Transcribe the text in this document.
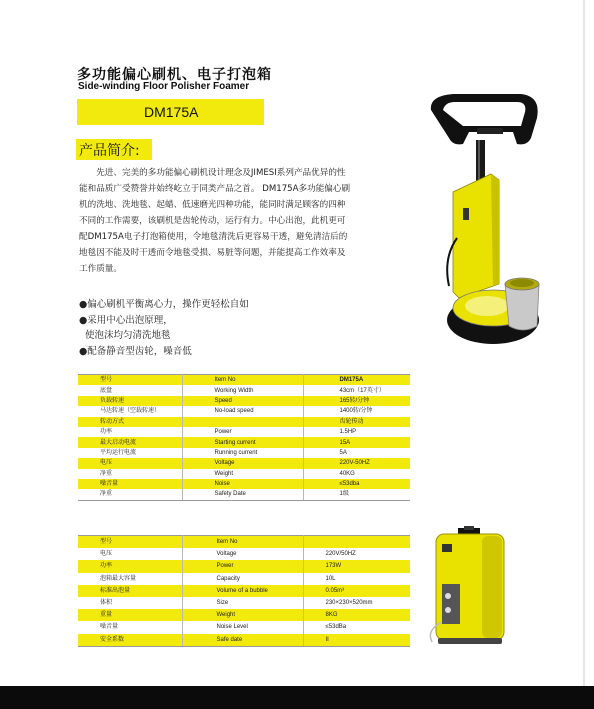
多功能偏心刷机、电子打泡箱
Side-winding Floor Polisher Foamer
DM175A
产品简介:
先进、完美的多功能偏心刷机设计理念及JIMESI系列产品优异的性能和品质广受赞誉并始终屹立于同类产品之首。 DM175A多功能偏心刷机的洗地、洗地毯、起蜡、低速磨光四种功能，能同时满足顾客的四种不同的工作需要，该刷机是齿轮传动，运行有力。中心出泡，此机更可配DM175A电子打泡箱使用，令地毯清洗后更容易干透，避免清洁后的地毯因不能及时干透而令地毯受损、易脏等问题，并能提高工作效率及工作质量。
●偏心刷机平衡离心力，操作更轻松自如
●采用中心出泡原理，
使泡沫均匀清洗地毯
●配备静音型齿轮，噪音低
型号	Item No	DM175A
底盘	Working Width	43cm（17英寸）
负载转速	Speed	165转/分钟
马达转速（空载转速）	No-load speed	1400转/分钟
转动方式		齿轮传动
功率	Power	1.5HP
最大启动电流	Starting current	15A
平均运行电流	Running current	5A
电压	Voltage	220V-50HZ
净重	Weight	40KG
噪音量	Noise	≤53dba
净重	Safety Date	1级
型号	Item No	
电压	Voltage	220V/50HZ
功率	Power	173W
泡箱最大容量	Capacity	10L
标准出泡量	Volume of a bubble	0.05m³
体积	Size	230×230×520mm
重量	Weight	8KG
噪音量	Noise Level	≤53dBa
安全系数	Safe date	II
